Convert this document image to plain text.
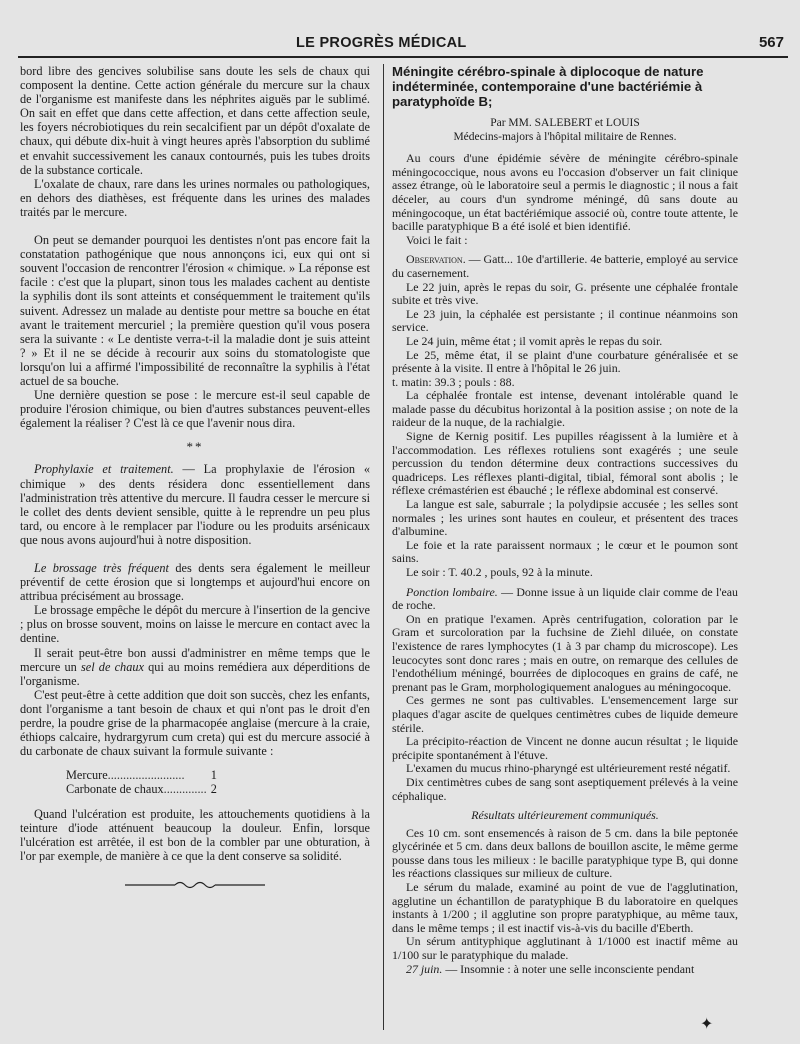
LE PROGRÈS MÉDICAL	567

bord libre des gencives solubilise sans doute les sels de chaux qui composent la dentine. Cette action générale du mercure sur la chaux de l'organisme est manifeste dans les néphrites aiguës par le sublimé. On sait en effet que dans cette affection, et dans cette affection seule, les foyers nécrobiotiques du rein secalcifient par un dépôt d'oxalate de chaux, qui débute dix-huit à vingt heures après l'absorption du sublimé et envahit successivement les canaux contournés, puis les tubes droits de la substance corticale.

L'oxalate de chaux, rare dans les urines normales ou pathologiques, en dehors des diathèses, est fréquente dans les urines des malades traités par le mercure.

On peut se demander pourquoi les dentistes n'ont pas encore fait la constatation pathogénique que nous annonçons ici, eux qui ont si souvent l'occasion de rencontrer l'érosion « chimique. » La réponse est facile : c'est que la plupart, sinon tous les malades cachent au dentiste la syphilis dont ils sont atteints et conséquemment le traitement qu'ils suivent. Adressez un malade au dentiste pour mettre sa bouche en état avant le traitement mercuriel ; la première question qu'il vous posera sera la suivante : « Le dentiste verra-t-il la maladie dont je suis atteint ? » Et il ne se décide à recourir aux soins du stomatologiste que lorsqu'on lui a affirmé l'impossibilité de reconnaître la syphilis à l'état actuel de sa bouche.

Une dernière question se pose : le mercure est-il seul capable de produire l'érosion chimique, ou bien d'autres substances peuvent-elles également la réaliser ? C'est là ce que l'avenir nous dira.

**

Prophylaxie et traitement. — La prophylaxie de l'érosion « chimique » des dents résidera donc essentiellement dans l'administration très attentive du mercure. Il faudra cesser le mercure si le collet des dents devient sensible, quitte à le reprendre un peu plus tard, ou encore à le remplacer par l'iodure ou les produits arsénicaux que nous avons aujourd'hui à notre disposition.

Le brossage très fréquent des dents sera également le meilleur préventif de cette érosion que si longtemps et aujourd'hui encore on attribua précisément au brossage.

Le brossage empêche le dépôt du mercure à l'insertion de la gencive ; plus on brosse souvent, moins on laisse le mercure en contact avec la dentine.

Il serait peut-être bon aussi d'administrer en même temps que le mercure un sel de chaux qui au moins remédiera aux déperditions de l'organisme.

C'est peut-être à cette addition que doit son succès, chez les enfants, dont l'organisme a tant besoin de chaux et qui n'ont pas le droit d'en perdre, la poudre grise de la pharmacopée anglaise (mercure à la craie, éthiops calcaire, hydrargyrum cum creta) qui est du mercure associé à du carbonate de chaux suivant la formule suivante :

Mercure.........................	1
Carbonate de chaux..............	2

Quand l'ulcération est produite, les attouchements quotidiens à la teinture d'iode atténuent beaucoup la douleur. Enfin, lorsque l'ulcération est arrêtée, il est bon de la combler par une obturation, à l'or par exemple, de manière à ce que la dent conserve sa solidité.

Méningite cérébro-spinale à diplocoque de nature indéterminée, contemporaine d'une bactériémie à paratyphoïde B;
Par MM. SALEBERT et LOUIS
Médecins-majors à l'hôpital militaire de Rennes.

Au cours d'une épidémie sévère de méningite cérébro-spinale méningococcique, nous avons eu l'occasion d'observer un fait clinique assez étrange, où le laboratoire seul a permis le diagnostic ; il nous a fait déceler, au cours d'un syndrome méningé, dû sans doute au méningocoque, un état bactériémique associé où, contre toute attente, le bacille paratyphique B a été isolé et bien identifié.

Voici le fait :

Observation. — Gatt... 10e d'artillerie. 4e batterie, employé au service du casernement.

Le 22 juin, après le repas du soir, G. présente une céphalée frontale subite et très vive.

Le 23 juin, la céphalée est persistante ; il continue néanmoins son service.

Le 24 juin, même état ; il vomit après le repas du soir.

Le 25, même état, il se plaint d'une courbature généralisée et se présente à la visite. Il entre à l'hôpital le 26 juin.

t. matin: 39.3 ; pouls : 88.

La céphalée frontale est intense, devenant intolérable quand le malade passe du décubitus horizontal à la position assise ; on note de la raideur de la nuque, de la rachialgie.

Signe de Kernig positif. Les pupilles réagissent à la lumière et à l'accommodation. Les réflexes rotuliens sont exagérés ; une seule percussion du tendon détermine deux contractions successives du quadriceps. Les réflexes planti-digital, tibial, fémoral sont abolis ; le réflexe crémastérien est ébauché ; le réflexe abdominal est conservé.

La langue est sale, saburrale ; la polydipsie accusée ; les selles sont normales ; les urines sont hautes en couleur, et présentent des traces d'albumine.

Le foie et la rate paraissent normaux ; le cœur et le poumon sont sains.

Le soir : T. 40.2 , pouls, 92 à la minute.

Ponction lombaire. — Donne issue à un liquide clair comme de l'eau de roche.

On en pratique l'examen. Après centrifugation, coloration par le Gram et surcoloration par la fuchsine de Ziehl diluée, on constate l'existence de rares lymphocytes (1 à 3 par champ du microscope). Les leucocytes sont donc rares ; mais en outre, on remarque des cellules de l'endothélium méningé, bourrées de diplocoques en grains de café, ne prenant pas le Gram, morphologiquement analogues au méningocoque.

Ces germes ne sont pas cultivables. L'ensemencement large sur plaques d'agar ascite de quelques centimètres cubes de liquide demeure stérile.

La précipito-réaction de Vincent ne donne aucun résultat ; le liquide précipite spontanément à l'étuve.

L'examen du mucus rhino-pharyngé est ultérieurement resté négatif.

Dix centimètres cubes de sang sont aseptiquement prélevés à la veine céphalique.

Résultats ultérieurement communiqués.

Ces 10 cm. sont ensemencés à raison de 5 cm. dans la bile peptonée glycérinée et 5 cm. dans deux ballons de bouillon ascite, le même germe pousse dans tous les milieux : le bacille paratyphique type B, qui donne les réactions classiques sur milieux de culture.

Le sérum du malade, examiné au point de vue de l'agglutination, agglutine un échantillon de paratyphique B du laboratoire en quelques instants à 1/200 ; il agglutine son propre paratyphique, au même taux, dans le même temps ; il est inactif vis-à-vis du bacille d'Eberth.

Un sérum antityphique agglutinant à 1/1000 est inactif même au 1/100 sur le paratyphique du malade.

27 juin. — Insomnie : à noter une selle inconsciente pendant

✦
